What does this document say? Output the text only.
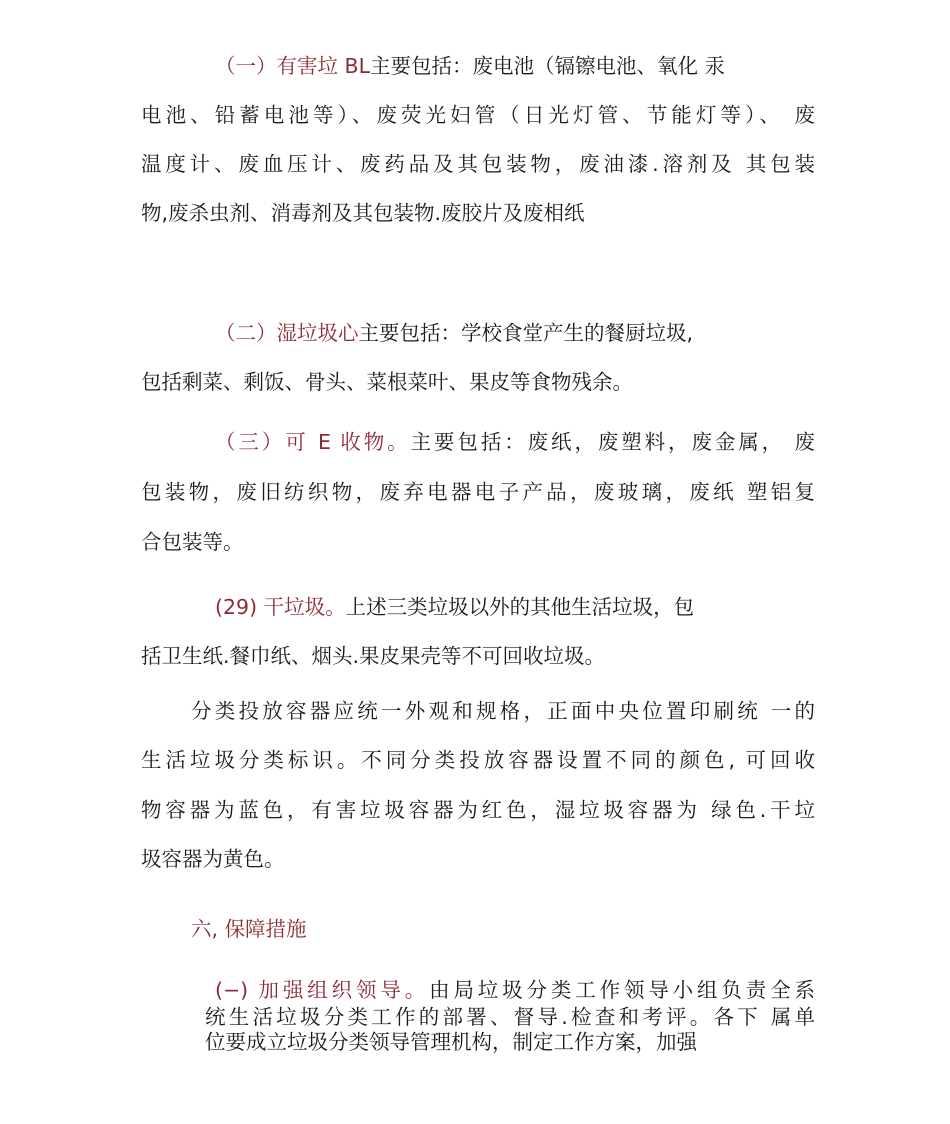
（一）有害垃 BL主要包括：废电池（镉镲电池、氧化 汞
电池、铅蓄电池等）、废荧光妇管（日光灯管、节能灯等）、 废
温度计、废血压计、废药品及其包装物，废油漆.溶剂及 其包装
物,废杀虫剂、消毒剂及其包装物.废胶片及废相纸
（二）湿垃圾心主要包括：学校食堂产生的餐厨垃圾,
包括剩菜、剩饭、骨头、菜根菜叶、果皮等食物残余。
（三）可 E 收物。主要包括：废纸，废塑料，废金属， 废
包装物，废旧纺织物，废弃电器电子产品，废玻璃，废纸 塑铝复
合包装等。
(29) 干垃圾。上述三类垃圾以外的其他生活垃圾，包
括卫生纸.餐巾纸、烟头.果皮果壳等不可回收垃圾。
分类投放容器应统一外观和规格，正面中央位置印刷统 一的
生活垃圾分类标识。不同分类投放容器设置不同的颜色, 可回收
物容器为蓝色，有害垃圾容器为红色，湿垃圾容器为 绿色.干垃
圾容器为黄色。
六, 保障措施
(−) 加强组织领导。由局垃圾分类工作领导小组负责全系
统生活垃圾分类工作的部署、督导.检查和考评。各下 属单
位要成立垃圾分类领导管理机构，制定工作方案，加强
